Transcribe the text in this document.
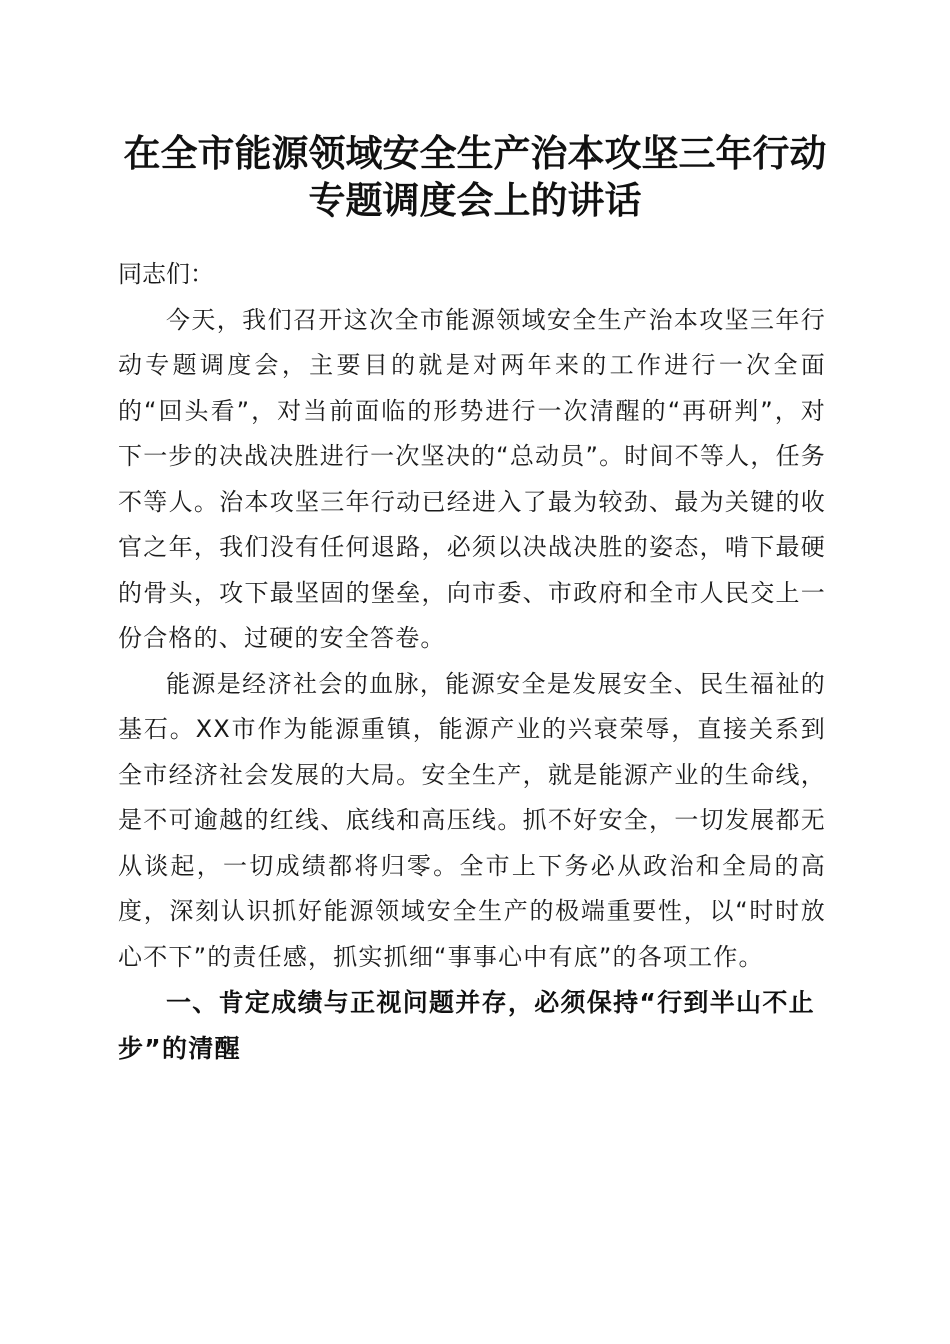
在全市能源领域安全生产治本攻坚三年行动专题调度会上的讲话

同志们：

今天，我们召开这次全市能源领域安全生产治本攻坚三年行动专题调度会，主要目的就是对两年来的工作进行一次全面的“回头看”，对当前面临的形势进行一次清醒的“再研判”，对下一步的决战决胜进行一次坚决的“总动员”。时间不等人，任务不等人。治本攻坚三年行动已经进入了最为较劲、最为关键的收官之年，我们没有任何退路，必须以决战决胜的姿态，啃下最硬的骨头，攻下最坚固的堡垒，向市委、市政府和全市人民交上一份合格的、过硬的安全答卷。

能源是经济社会的血脉，能源安全是发展安全、民生福祉的基石。XX市作为能源重镇，能源产业的兴衰荣辱，直接关系到全市经济社会发展的大局。安全生产，就是能源产业的生命线，是不可逾越的红线、底线和高压线。抓不好安全，一切发展都无从谈起，一切成绩都将归零。全市上下务必从政治和全局的高度，深刻认识抓好能源领域安全生产的极端重要性，以“时时放心不下”的责任感，抓实抓细“事事心中有底”的各项工作。

一、肯定成绩与正视问题并存，必须保持“行到半山不止步”的清醒
